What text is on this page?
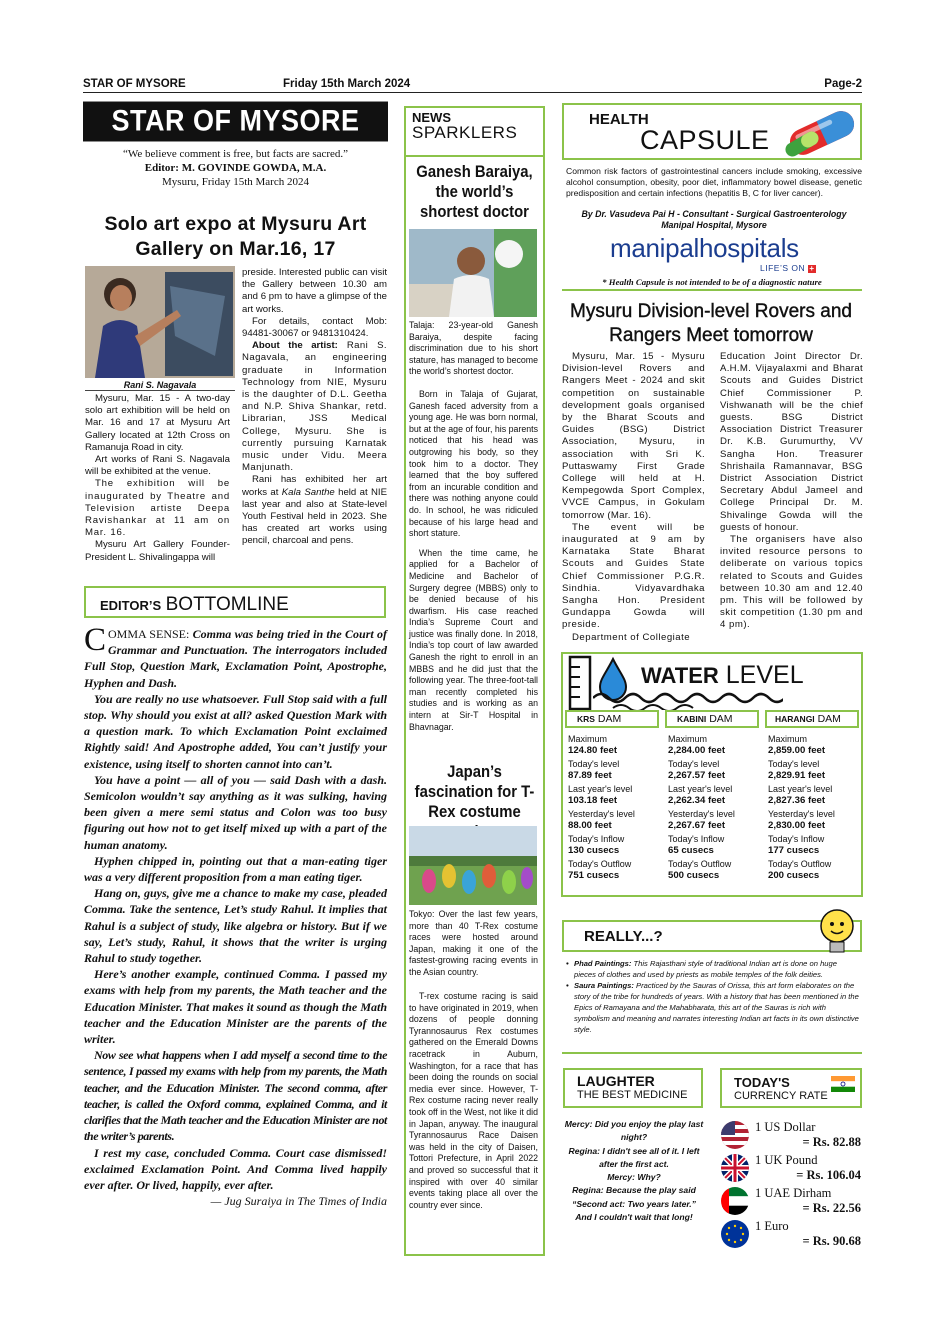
STAR OF MYSORE	Friday 15th March 2024	Page-2
STAR OF MYSORE
“We believe comment is free, but facts are sacred.”
Editor: M. GOVINDE GOWDA, M.A.
Mysuru, Friday 15th March 2024
Solo art expo at Mysuru Art Gallery on Mar.16, 17
Rani S. Nagavala

Mysuru, Mar. 15 - A two-day solo art exhibition will be held on Mar. 16 and 17 at Mysuru Art Gallery located at 12th Cross on Ramanuja Road in city.

Art works of Rani S. Nagavala will be exhibited at the venue.

The exhibition will be inaugurated by Theatre and Television artiste Deepa Ravishankar at 11 am on Mar. 16.

Mysuru Art Gallery Founder-President L. Shivalingappa will

preside. Interested public can visit the Gallery between 10.30 am and 6 pm to have a glimpse of the art works.

For details, contact Mob: 94481-30067 or 9481310424.

About the artist: Rani S. Nagavala, an engineering graduate in Information Technology from NIE, Mysuru is the daughter of D.L. Geetha and N.P. Shiva Shankar, retd. Librarian, JSS Medical College, Mysuru. She is currently pursuing Karnatak music under Vidu. Meera Manjunath.

Rani has exhibited her art works at Kala Santhe held at NIE last year and also at State-level Youth Festival held in 2023. She has created art works using pencil, charcoal and pens.

EDITOR’S BOTTOMLINE

COMMA SENSE: Comma was being tried in the Court of Grammar and Punctuation. The interrogators included Full Stop, Question Mark, Exclamation Point, Apostrophe, Hyphen and Dash.

You are really no use whatsoever. Full Stop said with a full stop. Why should you exist at all? asked Question Mark with a question mark. To which Exclamation Point exclaimed Rightly said! And Apostrophe added, You can’t justify your existence, using itself to shorten cannot into can’t.

You have a point — all of you — said Dash with a dash. Semicolon wouldn’t say anything as it was sulking, having been given a mere semi status and Colon was too busy figuring out how not to get itself mixed up with a part of the human anatomy.

Hyphen chipped in, pointing out that a man-eating tiger was a very different proposition from a man eating tiger.

Hang on, guys, give me a chance to make my case, pleaded Comma. Take the sentence, Let’s study Rahul. It implies that Rahul is a subject of study, like algebra or history. But if we say, Let’s study, Rahul, it shows that the writer is urging Rahul to study together.

Here’s another example, continued Comma. I passed my exams with help from my parents, the Math teacher and the Education Minister. That makes it sound as though the Math teacher and the Education Minister are the parents of the writer.

Now see what happens when I add myself a second time to the sentence, I passed my exams with help from my parents, the Math teacher, and the Education Minister. The second comma, after teacher, is called the Oxford comma, explained Comma, and it clarifies that the Math teacher and the Education Minister are not the writer’s parents.

I rest my case, concluded Comma. Court case dismissed! exclaimed Exclamation Point. And Comma lived happily ever after. Or lived, happily, ever after.

— Jug Suraiya in The Times of India

NEWS
SPARKLERS
Ganesh Baraiya, the world’s shortest doctor
Talaja: 23-year-old Ganesh Baraiya, despite facing discrimination due to his short stature, has managed to become the world’s shortest doctor.

Born in Talaja of Gujarat, Ganesh faced adversity from a young age. He was born normal, but at the age of four, his parents noticed that his head was outgrowing his body, so they took him to a doctor. They learned that the boy suffered from an incurable condition and there was nothing anyone could do. In school, he was ridiculed because of his large head and short stature.

When the time came, he applied for a Bachelor of Medicine and Bachelor of Surgery degree (MBBS) only to be denied because of his dwarfism. His case reached India’s Supreme Court and justice was finally done. In 2018, India’s top court of law awarded Ganesh the right to enroll in an MBBS and he did just that the following year. The three-foot-tall man recently completed his studies and is working as an intern at Sir-T Hospital in Bhavnagar.

Japan’s fascination for T-Rex costume
Tokyo: Over the last few years, more than 40 T-Rex costume races were hosted around Japan, making it one of the fastest-growing racing events in the Asian country.
T-rex costume racing is said to have originated in 2019, when dozens of people donning Tyrannosaurus Rex costumes gathered on the Emerald Downs racetrack in Auburn, Washington, for a race that has been doing the rounds on social media ever since. However, T-Rex costume racing never really took off in the West, not like it did in Japan, anyway. The inaugural Tyrannosaurus Race Daisen was held in the city of Daisen, Tottori Prefecture, in April 2022 and proved so successful that it inspired with over 40 similar events taking place all over the country ever since.
HEALTH
CAPSULE
Common risk factors of gastrointestinal cancers include smoking, excessive alcohol consumption, obesity, poor diet, inflammatory bowel disease, genetic predisposition and certain infections (hepatitis B, C for liver cancer).
By Dr. Vasudeva Pai H - Consultant - Surgical Gastroenterology
Manipal Hospital, Mysore
manipalhospitals
LIFE’S ON +
* Health Capsule is not intended to be of a diagnostic nature
Mysuru Division-level Rovers and Rangers Meet tomorrow

Mysuru, Mar. 15 - Mysuru Division-level Rovers and Rangers Meet - 2024 and skit competition on sustainable development goals organised by the Bharat Scouts and Guides (BSG) District Association, Mysuru, in association with Sri K. Puttaswamy First Grade College will held at H. Kempegowda Sport Complex, VVCE Campus, in Gokulam tomorrow (Mar. 16).

The event will be inaugurated at 9 am by Karnataka State Bharat Scouts and Guides State Chief Commissioner P.G.R. Sindhia. Vidyavardhaka Sangha Hon. President Gundappa Gowda will preside.

Department of Collegiate

Education Joint Director Dr. A.H.M. Vijayalaxmi and Bharat Scouts and Guides District Chief Commissioner P. Vishwanath will be the chief guests. BSG District Association District Treasurer Dr. K.B. Gurumurthy, VV Sangha Hon. Treasurer Shrishaila Ramannavar, BSG District Association District Secretary Abdul Jameel and College Principal Dr. M. Shivalinge Gowda will the guests of honour.

The organisers have also invited resource persons to deliberate on various topics related to Scouts and Guides between 10.30 am and 12.40 pm. This will be followed by skit competition (1.30 pm and 4 pm).

WATER LEVEL
KRS DAM
Maximum
124.80 feet
Today's level
87.89 feet
Last year's level
103.18 feet
Yesterday's level
88.00 feet
Today's Inflow
130 cusecs
Today's Outflow
751 cusecs
KABINI DAM
Maximum
2,284.00 feet
Today's level
2,267.57 feet
Last year's level
2,262.34 feet
Yesterday's level
2,267.67 feet
Today's Inflow
65 cusecs
Today's Outflow
500 cusecs
HARANGI DAM
Maximum
2,859.00 feet
Today's level
2,829.91 feet
Last year's level
2,827.36 feet
Yesterday's level
2,830.00 feet
Today's Inflow
177 cusecs
Today's Outflow
200 cusecs
REALLY...?
• Phad Paintings: This Rajasthani style of traditional Indian art is done on huge pieces of clothes and used by priests as mobile temples of the folk deities.
• Saura Paintings: Practiced by the Sauras of Orissa, this art form elaborates on the story of the tribe for hundreds of years. With a history that has been mentioned in the Epics of Ramayana and the Mahabharata, this art of the Sauras is rich with symbolism and meaning and narrates interesting Indian art facts in its own distinctive style.
LAUGHTER
THE BEST MEDICINE

Mercy: Did you enjoy the play last night?

Regina: I didn't see all of it. I left after the first act.

Mercy: Why?

Regina: Because the play said “Second act: Two years later.” And I couldn't wait that long!

TODAY'S
CURRENCY RATE
1 US Dollar
= Rs. 82.88
1 UK Pound
= Rs. 106.04
1 UAE Dirham
= Rs. 22.56
1 Euro
= Rs. 90.68
